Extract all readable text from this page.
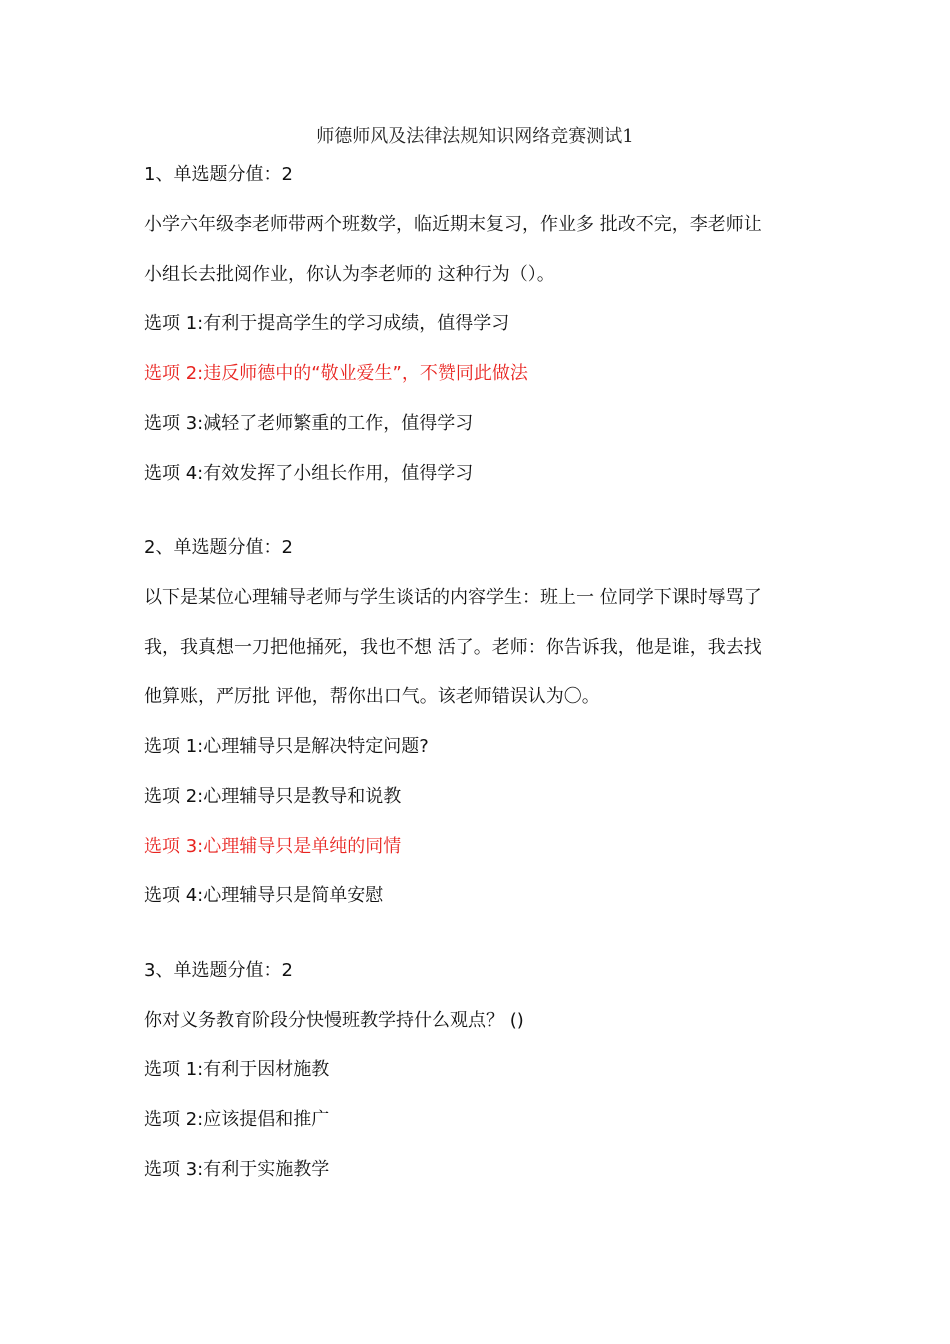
师德师风及法律法规知识网络竞赛测试1
1、单选题分值：2
小学六年级李老师带两个班数学，临近期末复习，作业多 批改不完，李老师让
小组长去批阅作业，你认为李老师的 这种行为（）。
选项 1:有利于提高学生的学习成绩，值得学习
选项 2:违反师德中的“敬业爱生”，不赞同此做法
选项 3:减轻了老师繁重的工作，值得学习
选项 4:有效发挥了小组长作用，值得学习
2、单选题分值：2
以下是某位心理辅导老师与学生谈话的内容学生：班上一 位同学下课时辱骂了
我，我真想一刀把他捅死，我也不想 活了。老师：你告诉我，他是谁，我去找
他算账，严厉批 评他，帮你出口气。该老师错误认为〇。
选项 1:心理辅导只是解决特定问题?
选项 2:心理辅导只是教导和说教
选项 3:心理辅导只是单纯的同情
选项 4:心理辅导只是简单安慰
3、单选题分值：2
你对义务教育阶段分快慢班教学持什么观点？ ()
选项 1:有利于因材施教
选项 2:应该提倡和推广
选项 3:有利于实施教学
